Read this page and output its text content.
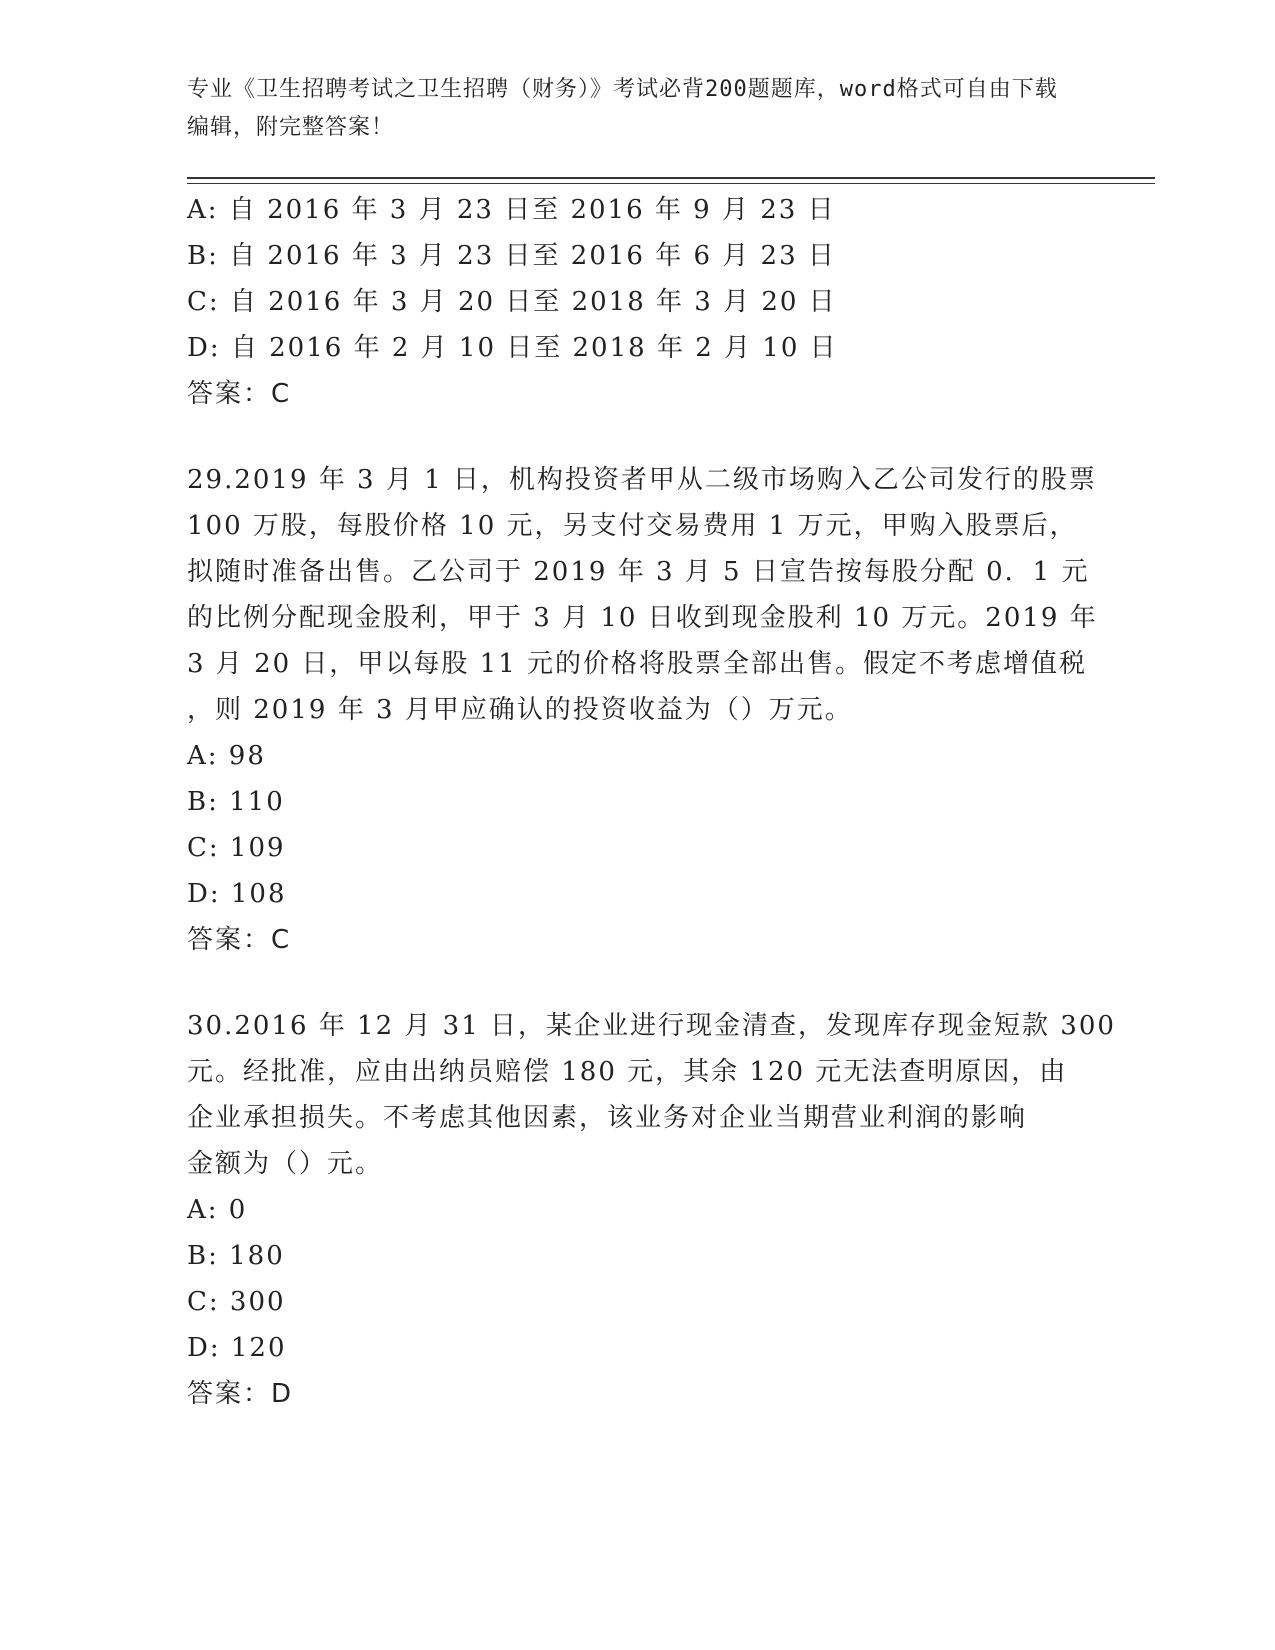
专业《卫生招聘考试之卫生招聘（财务）》考试必背200题题库，word格式可自由下载编辑，附完整答案！
A: 自 2016 年 3 月 23 日至 2016 年 9 月 23 日
B: 自 2016 年 3 月 23 日至 2016 年 6 月 23 日
C: 自 2016 年 3 月 20 日至 2018 年 3 月 20 日
D: 自 2016 年 2 月 10 日至 2018 年 2 月 10 日
答案：C
29.2019 年 3 月 1 日，机构投资者甲从二级市场购入乙公司发行的股票
100 万股，每股价格 10 元，另支付交易费用 1 万元，甲购入股票后，
拟随时准备出售。乙公司于 2019 年 3 月 5 日宣告按每股分配 0．1 元
的比例分配现金股利，甲于 3 月 10 日收到现金股利 10 万元。2019 年
3 月 20 日，甲以每股 11 元的价格将股票全部出售。假定不考虑增值税
，则 2019 年 3 月甲应确认的投资收益为（）万元。
A: 98
B: 110
C: 109
D: 108
答案：C
30.2016 年 12 月 31 日，某企业进行现金清查，发现库存现金短款 300
元。经批准，应由出纳员赔偿 180 元，其余 120 元无法查明原因，由
企业承担损失。不考虑其他因素，该业务对企业当期营业利润的影响
金额为（）元。
A: 0
B: 180
C: 300
D: 120
答案：D
